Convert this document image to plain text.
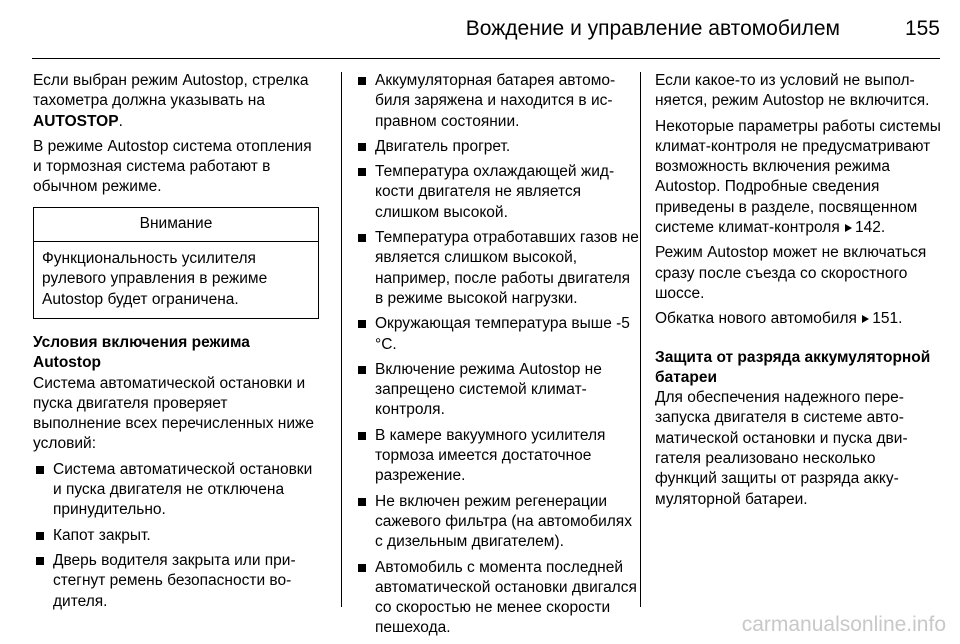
Вождение и управление автомобилем	155

Если выбран режим Autostop, стрелка тахометра должна указывать на AUTOSTOP.

В режиме Autostop система отопления и тормозная система работают в обычном режиме.

Внимание
Функциональность усилителя рулевого управления в режиме Autostop будет ограничена.

Условия включения режима Autostop

Система автоматической остановки и пуска двигателя проверяет выполнение всех перечисленных ниже условий:

Система автоматической остановки и пуска двигателя не отключена принудительно.
Капот закрыт.
Дверь водителя закрыта или пристегнут ремень безопасности водителя.
Аккумуляторная батарея автомобиля заряжена и находится в исправном состоянии.
Двигатель прогрет.
Температура охлаждающей жидкости двигателя не является слишком высокой.
Температура отработавших газов не является слишком высокой, например, после работы двигателя в режиме высокой нагрузки.
Окружающая температура выше -5 °C.
Включение режима Autostop не запрещено системой климат-контроля.
В камере вакуумного усилителя тормоза имеется достаточное разрежение.
Не включен режим регенерации сажевого фильтра (на автомобилях с дизельным двигателем).
Автомобиль с момента последней автоматической остановки двигался со скоростью не менее скорости пешехода.

Если какое-то из условий не выполняется, режим Autostop не включится.

Некоторые параметры работы системы климат-контроля не предусматривают возможность включения режима Autostop. Подробные сведения приведены в разделе, посвященном системе климат-контроля 142.

Режим Autostop может не включаться сразу после съезда со скоростного шоссе.

Обкатка нового автомобиля 151.

Защита от разряда аккумуляторной батареи

Для обеспечения надежного перезапуска двигателя в системе автоматической остановки и пуска двигателя реализовано несколько функций защиты от разряда аккумуляторной батареи.

carmanualsonline.info
